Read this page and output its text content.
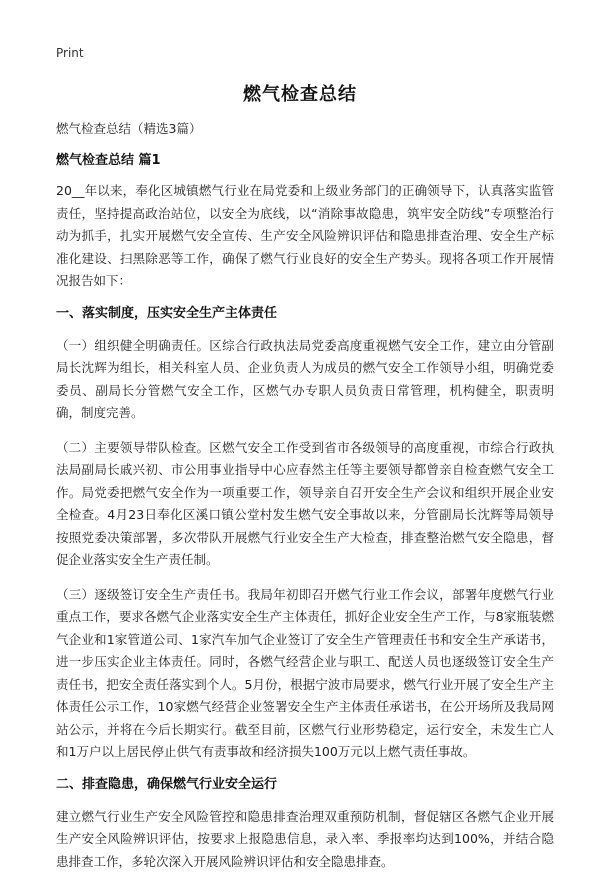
Print
燃气检查总结

燃气检查总结（精选3篇）

燃气检查总结 篇1

20__年以来，奉化区城镇燃气行业在局党委和上级业务部门的正确领导下，认真落实监管责任，坚持提高政治站位，以安全为底线，以“消除事故隐患，筑牢安全防线”专项整治行动为抓手，扎实开展燃气安全宣传、生产安全风险辨识评估和隐患排查治理、安全生产标准化建设、扫黑除恶等工作，确保了燃气行业良好的安全生产势头。现将各项工作开展情况报告如下：

一、落实制度，压实安全生产主体责任

（一）组织健全明确责任。区综合行政执法局党委高度重视燃气安全工作，建立由分管副局长沈辉为组长，相关科室人员、企业负责人为成员的燃气安全工作领导小组，明确党委委员、副局长分管燃气安全工作，区燃气办专职人员负责日常管理，机构健全，职责明确，制度完善。

（二）主要领导带队检查。区燃气安全工作受到省市各级领导的高度重视，市综合行政执法局副局长戚兴初、市公用事业指导中心应春然主任等主要领导都曾亲自检查燃气安全工作。局党委把燃气安全作为一项重要工作，领导亲自召开安全生产会议和组织开展企业安全检查。4月23日奉化区溪口镇公堂村发生燃气安全事故以来，分管副局长沈辉等局领导按照党委决策部署，多次带队开展燃气行业安全生产大检查，排查整治燃气安全隐患，督促企业落实安全生产责任制。

（三）逐级签订安全生产责任书。我局年初即召开燃气行业工作会议，部署年度燃气行业重点工作，要求各燃气企业落实安全生产主体责任，抓好企业安全生产工作，与8家瓶装燃气企业和1家管道公司、1家汽车加气企业签订了安全生产管理责任书和安全生产承诺书，进一步压实企业主体责任。同时，各燃气经营企业与职工、配送人员也逐级签订安全生产责任书，把安全责任落实到个人。5月份，根据宁波市局要求，燃气行业开展了安全生产主体责任公示工作，10家燃气经营企业签署安全生产主体责任承诺书，在公开场所及我局网站公示，并将在今后长期实行。截至目前，区燃气行业形势稳定，运行安全，未发生亡人和1万户以上居民停止供气有责事故和经济损失100万元以上燃气责任事故。

二、排查隐患，确保燃气行业安全运行

建立燃气行业生产安全风险管控和隐患排查治理双重预防机制，督促辖区各燃气企业开展生产安全风险辨识评估，按要求上报隐患信息，录入率、季报率均达到100%，并结合隐患排查工作，多轮次深入开展风险辨识评估和安全隐患排查。
